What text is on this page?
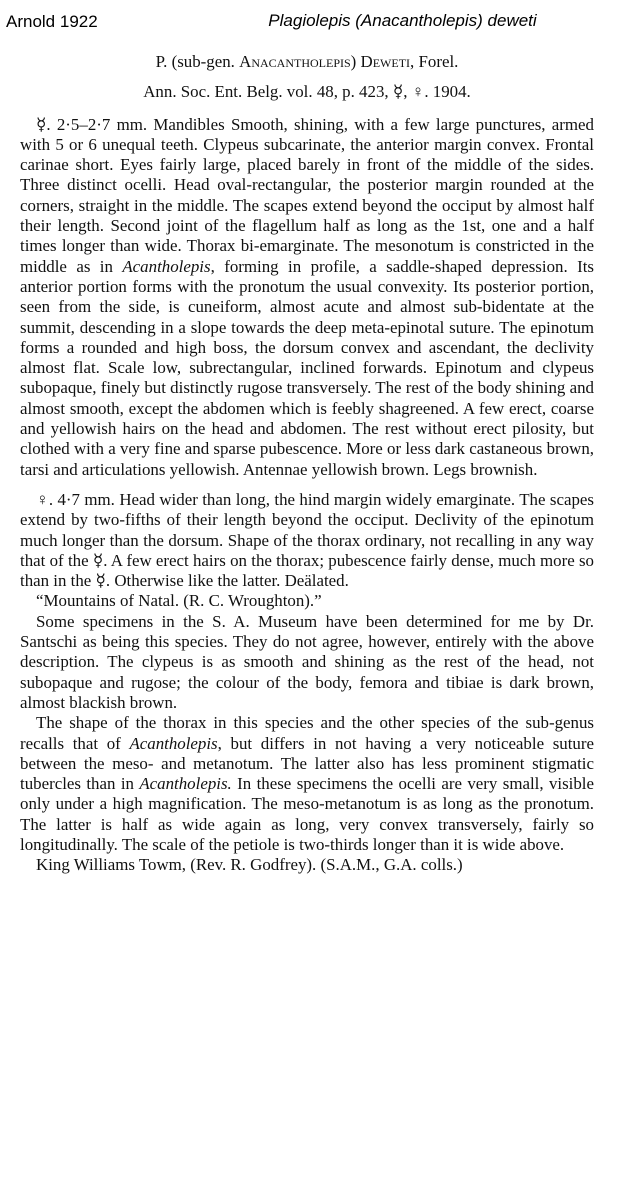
Arnold 1922	Plagiolepis (Anacantholepis) deweti
P. (sub-gen. Anacantholepis) Deweti, Forel.
Ann. Soc. Ent. Belg. vol. 48, p. 423, ☿, ♀. 1904.

☿. 2·5–2·7 mm. Mandibles Smooth, shining, with a few large punctures, armed with 5 or 6 unequal teeth. Clypeus subcarinate, the anterior margin convex. Frontal carinae short. Eyes fairly large, placed barely in front of the middle of the sides. Three distinct ocelli. Head oval-rectangular, the posterior margin rounded at the corners, straight in the middle. The scapes extend beyond the occiput by almost half their length. Second joint of the flagellum half as long as the 1st, one and a half times longer than wide. Thorax bi-emarginate. The mesonotum is constricted in the middle as in Acantholepis, forming in profile, a saddle-shaped depression. Its anterior portion forms with the pronotum the usual convexity. Its posterior portion, seen from the side, is cuneiform, almost acute and almost sub-bidentate at the summit, descending in a slope towards the deep meta-epinotal suture. The epinotum forms a rounded and high boss, the dorsum convex and ascendant, the declivity almost flat. Scale low, subrectangular, inclined forwards. Epinotum and clypeus subopaque, finely but distinctly rugose transversely. The rest of the body shining and almost smooth, except the abdomen which is feebly shagreened. A few erect, coarse and yellowish hairs on the head and abdomen. The rest without erect pilosity, but clothed with a very fine and sparse pubescence. More or less dark castaneous brown, tarsi and articulations yellowish. Antennae yellowish brown. Legs brownish.

♀. 4·7 mm. Head wider than long, the hind margin widely emarginate. The scapes extend by two-fifths of their length beyond the occiput. Declivity of the epinotum much longer than the dorsum. Shape of the thorax ordinary, not recalling in any way that of the ☿. A few erect hairs on the thorax; pubescence fairly dense, much more so than in the ☿. Otherwise like the latter. Deälated.

“Mountains of Natal. (R. C. Wroughton).”

Some specimens in the S. A. Museum have been determined for me by Dr. Santschi as being this species. They do not agree, however, entirely with the above description. The clypeus is as smooth and shining as the rest of the head, not subopaque and rugose; the colour of the body, femora and tibiae is dark brown, almost blackish brown.

The shape of the thorax in this species and the other species of the sub-genus recalls that of Acantholepis, but differs in not having a very noticeable suture between the meso- and metanotum. The latter also has less prominent stigmatic tubercles than in Acantholepis. In these specimens the ocelli are very small, visible only under a high magnification. The meso-metanotum is as long as the pronotum. The latter is half as wide again as long, very convex transversely, fairly so longitudinally. The scale of the petiole is two-thirds longer than it is wide above.

King Williams Towm, (Rev. R. Godfrey). (S.A.M., G.A. colls.)
